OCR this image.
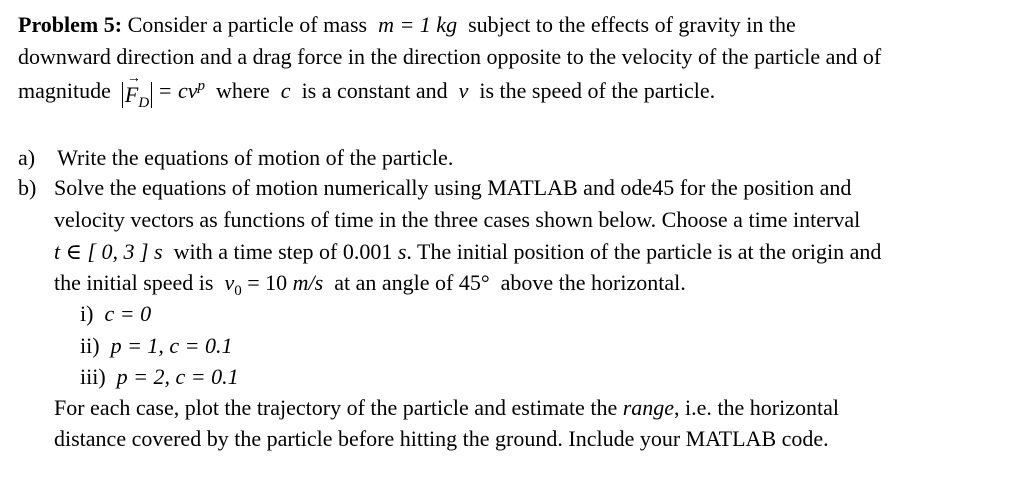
Problem 5: Consider a particle of mass m = 1 kg subject to the effects of gravity in the
downward direction and a drag force in the direction opposite to the velocity of the particle and of
magnitude  → $F_D = cv^p$ where c is a constant and v is the speed of the particle.
a) Write the equations of motion of the particle.
b) Solve the equations of motion numerically using MATLAB and ode45 for the position and
velocity vectors as functions of time in the three cases shown below. Choose a time interval
t ∈ [ 0, 3 ] s with a time step of 0.001 s. The initial position of the particle is at the origin and
the initial speed is $v_0 = 10$ m/s at an angle of 45° above the horizontal.
i) c = 0
ii) p = 1, c = 0.1
iii) p = 2, c = 0.1
For each case, plot the trajectory of the particle and estimate the range, i.e. the horizontal
distance covered by the particle before hitting the ground. Include your MATLAB code.
